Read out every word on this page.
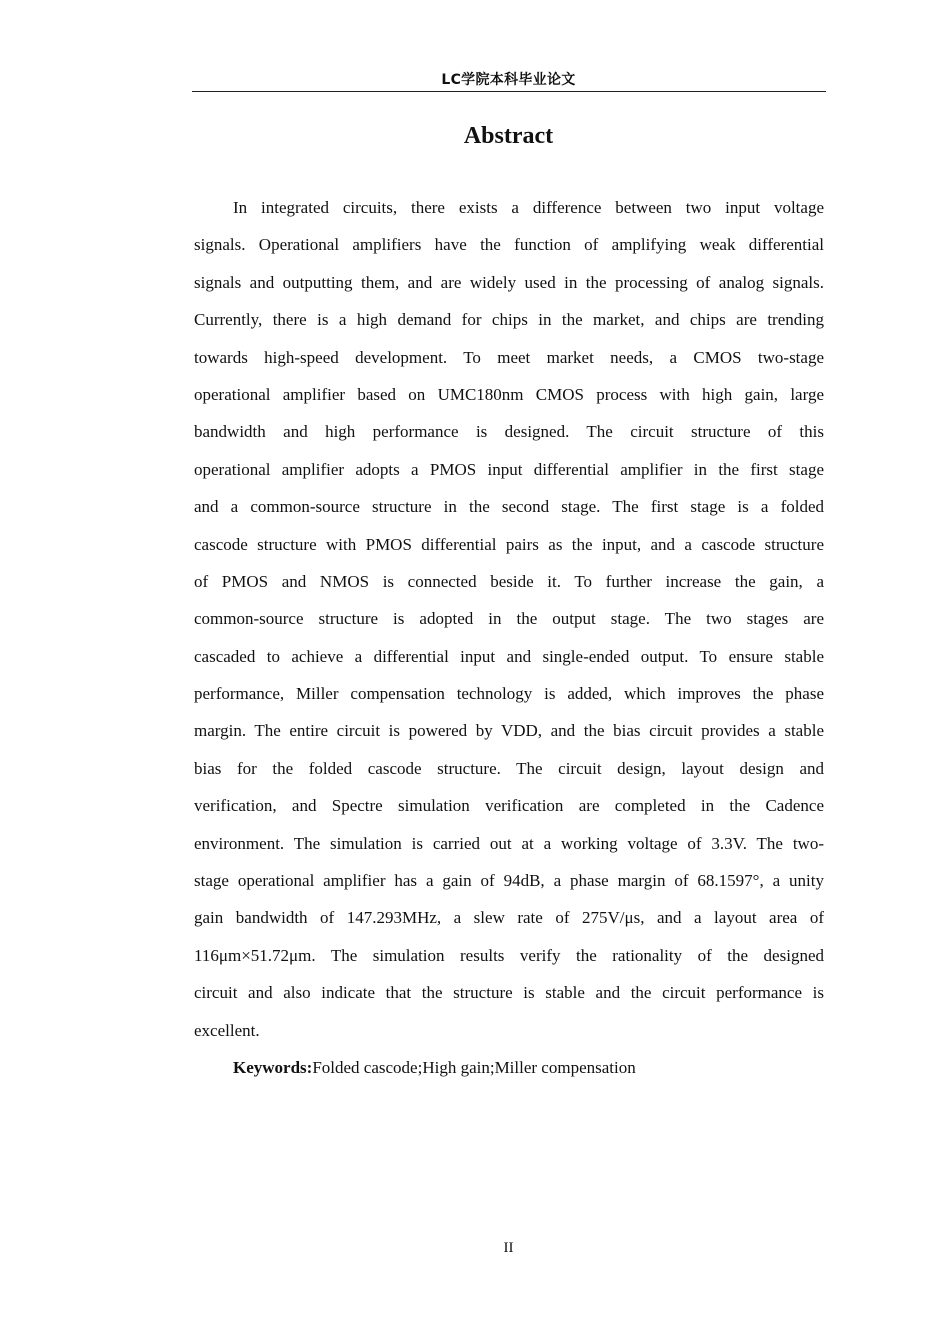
LC学院本科毕业论文
Abstract
In integrated circuits, there exists a difference between two input voltage
signals. Operational amplifiers have the function of amplifying weak differential
signals and outputting them, and are widely used in the processing of analog signals.
Currently, there is a high demand for chips in the market, and chips are trending
towards high-speed development. To meet market needs, a CMOS two-stage
operational amplifier based on UMC180nm CMOS process with high gain, large
bandwidth and high performance is designed. The circuit structure of this
operational amplifier adopts a PMOS input differential amplifier in the first stage
and a common-source structure in the second stage. The first stage is a folded
cascode structure with PMOS differential pairs as the input, and a cascode structure
of PMOS and NMOS is connected beside it. To further increase the gain, a
common-source structure is adopted in the output stage. The two stages are
cascaded to achieve a differential input and single-ended output. To ensure stable
performance, Miller compensation technology is added, which improves the phase
margin. The entire circuit is powered by VDD, and the bias circuit provides a stable
bias for the folded cascode structure. The circuit design, layout design and
verification, and Spectre simulation verification are completed in the Cadence
environment. The simulation is carried out at a working voltage of 3.3V. The two-
stage operational amplifier has a gain of 94dB, a phase margin of 68.1597°, a unity
gain bandwidth of 147.293MHz, a slew rate of 275V/μs, and a layout area of
116μm×51.72μm. The simulation results verify the rationality of the designed
circuit and also indicate that the structure is stable and the circuit performance is
excellent.
Keywords:Folded cascode;High gain;Miller compensation
II
